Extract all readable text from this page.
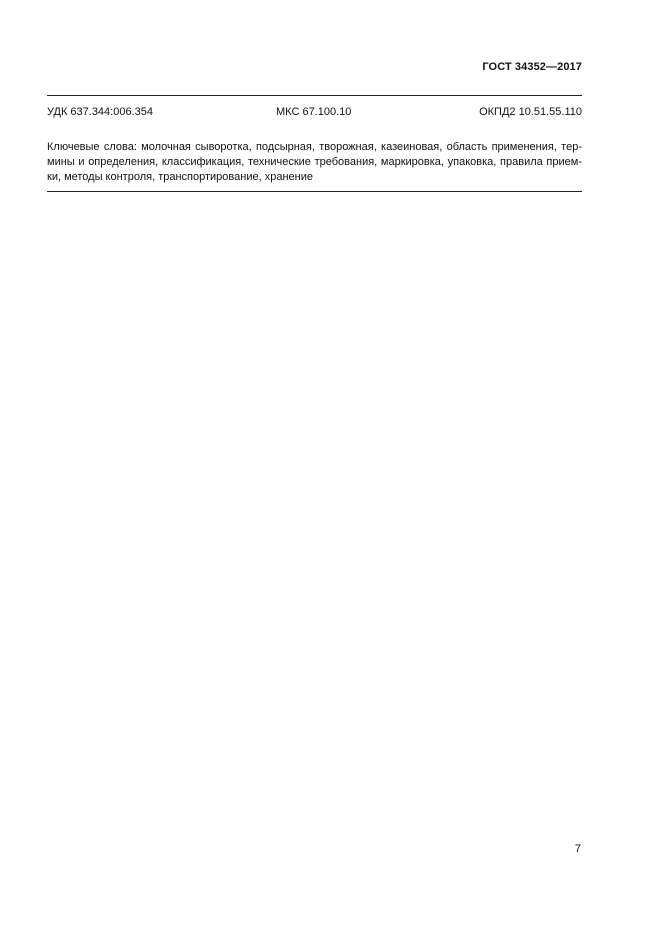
ГОСТ 34352—2017
УДК 637.344:006.354	МКС 67.100.10	ОКПД2 10.51.55.110
Ключевые слова: молочная сыворотка, подсырная, творожная, казеиновая, область применения, тер-
мины и определения, классификация, технические требования, маркировка, упаковка, правила прием-
ки, методы контроля, транспортирование, хранение
7
